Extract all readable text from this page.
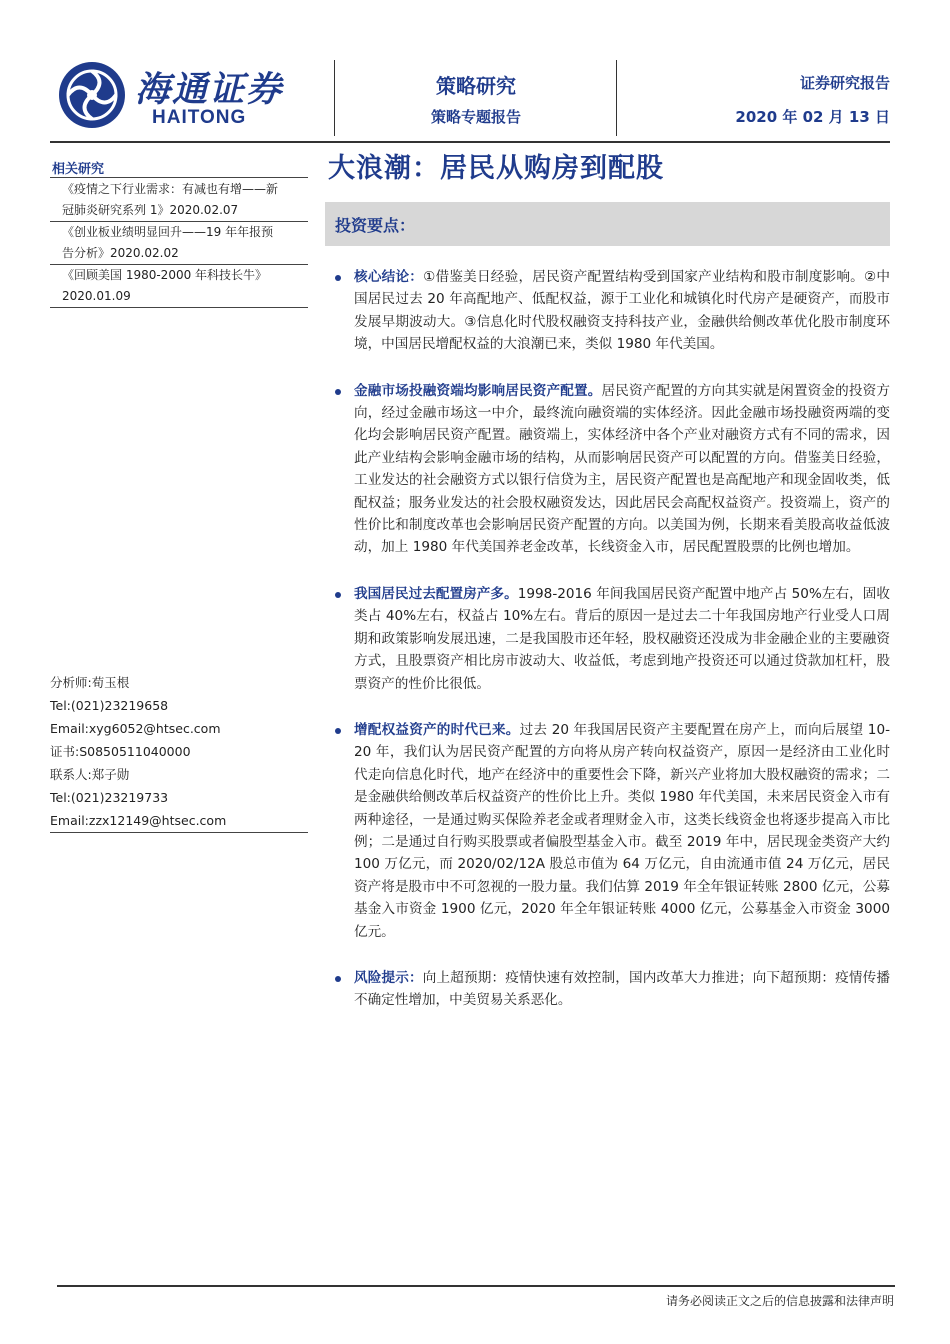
海通证券
HAITONG
策略研究
策略专题报告
证券研究报告
2020 年 02 月 13 日
相关研究
《疫情之下行业需求：有减也有增——新
冠肺炎研究系列 1》2020.02.07
《创业板业绩明显回升——19 年年报预
告分析》2020.02.02
《回顾美国 1980-2000 年科技长牛》
2020.01.09
分析师:荀玉根
Tel:(021)23219658
Email:xyg6052@htsec.com
证书:S0850511040000
联系人:郑子勋
Tel:(021)23219733
Email:zzx12149@htsec.com
大浪潮：居民从购房到配股
投资要点：
核心结论：①借鉴美日经验，居民资产配置结构受到国家产业结构和股市制度影响。②中国居民过去 20 年高配地产、低配权益，源于工业化和城镇化时代房产是硬资产，而股市发展早期波动大。③信息化时代股权融资支持科技产业，金融供给侧改革优化股市制度环境，中国居民增配权益的大浪潮已来，类似 1980 年代美国。
金融市场投融资端均影响居民资产配置。居民资产配置的方向其实就是闲置资金的投资方向，经过金融市场这一中介，最终流向融资端的实体经济。因此金融市场投融资两端的变化均会影响居民资产配置。融资端上，实体经济中各个产业对融资方式有不同的需求，因此产业结构会影响金融市场的结构，从而影响居民资产可以配置的方向。借鉴美日经验，工业发达的社会融资方式以银行信贷为主，居民资产配置也是高配地产和现金固收类，低配权益；服务业发达的社会股权融资发达，因此居民会高配权益资产。投资端上，资产的性价比和制度改革也会影响居民资产配置的方向。以美国为例，长期来看美股高收益低波动，加上 1980 年代美国养老金改革，长线资金入市，居民配置股票的比例也增加。
我国居民过去配置房产多。1998-2016 年间我国居民资产配置中地产占 50%左右，固收类占 40%左右，权益占 10%左右。背后的原因一是过去二十年我国房地产行业受人口周期和政策影响发展迅速，二是我国股市还年轻，股权融资还没成为非金融企业的主要融资方式，且股票资产相比房市波动大、收益低，考虑到地产投资还可以通过贷款加杠杆，股票资产的性价比很低。
增配权益资产的时代已来。过去 20 年我国居民资产主要配置在房产上，而向后展望 10-20 年，我们认为居民资产配置的方向将从房产转向权益资产，原因一是经济由工业化时代走向信息化时代，地产在经济中的重要性会下降，新兴产业将加大股权融资的需求；二是金融供给侧改革后权益资产的性价比上升。类似 1980 年代美国，未来居民资金入市有两种途径，一是通过购买保险养老金或者理财金入市，这类长线资金也将逐步提高入市比例；二是通过自行购买股票或者偏股型基金入市。截至 2019 年中，居民现金类资产大约 100 万亿元，而 2020/02/12A 股总市值为 64 万亿元，自由流通市值 24 万亿元，居民资产将是股市中不可忽视的一股力量。我们估算 2019 年全年银证转账 2800 亿元，公募基金入市资金 1900 亿元，2020 年全年银证转账 4000 亿元，公募基金入市资金 3000 亿元。
风险提示：向上超预期：疫情快速有效控制，国内改革大力推进；向下超预期：疫情传播不确定性增加，中美贸易关系恶化。
请务必阅读正文之后的信息披露和法律声明
